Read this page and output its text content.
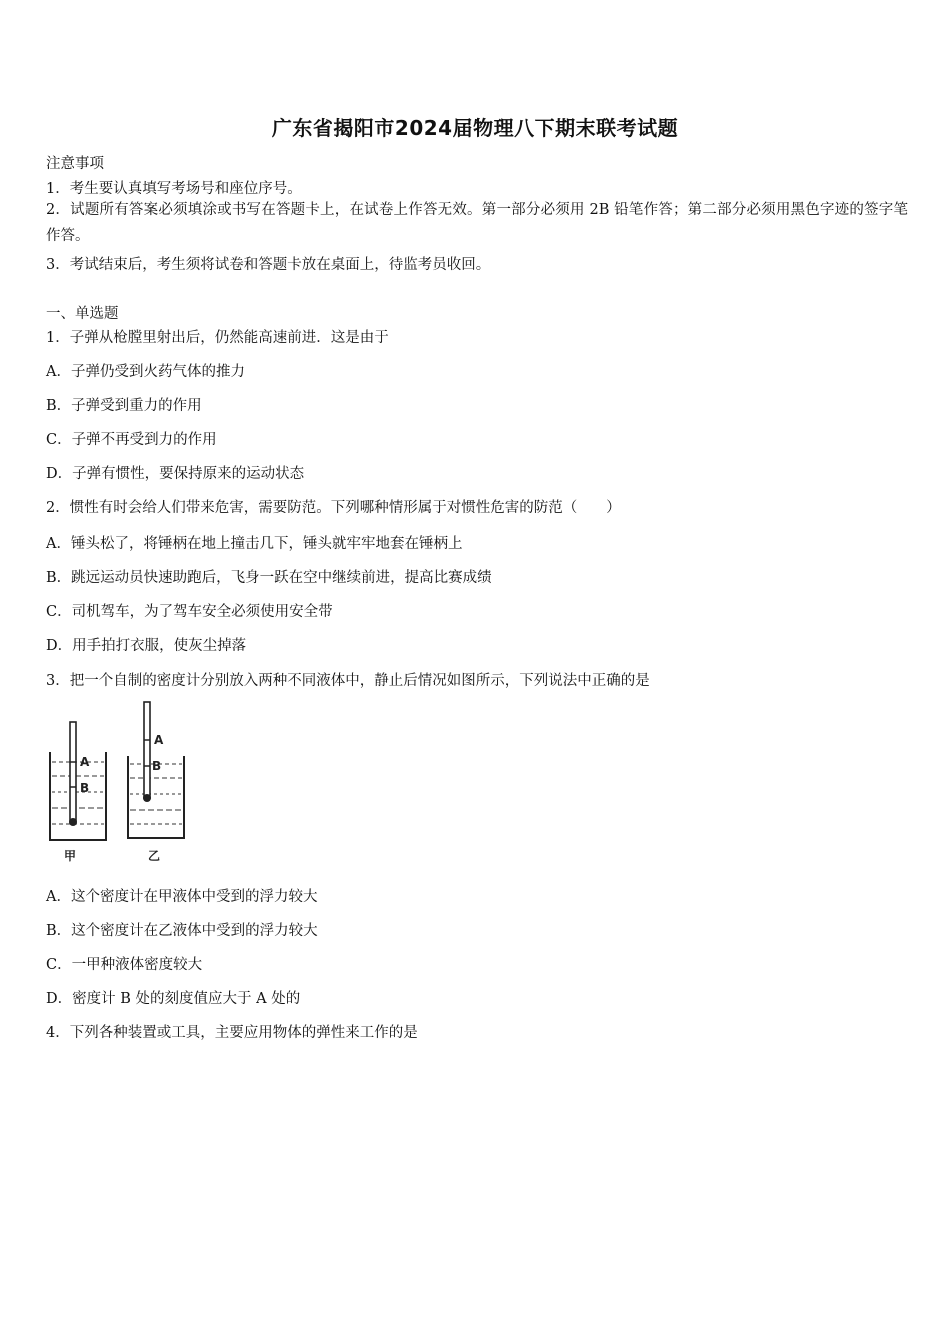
广东省揭阳市2024届物理八下期末联考试题
注意事项
1．考生要认真填写考场号和座位序号。
2．试题所有答案必须填涂或书写在答题卡上，在试卷上作答无效。第一部分必须用 2B 铅笔作答；第二部分必须用黑色字迹的签字笔作答。
3．考试结束后，考生须将试卷和答题卡放在桌面上，待监考员收回。
一、单选题
1．子弹从枪膛里射出后，仍然能高速前进．这是由于
A．子弹仍受到火药气体的推力
B．子弹受到重力的作用
C．子弹不再受到力的作用
D．子弹有惯性，要保持原来的运动状态
2．惯性有时会给人们带来危害，需要防范。下列哪种情形属于对惯性危害的防范（　　）
A．锤头松了，将锤柄在地上撞击几下，锤头就牢牢地套在锤柄上
B．跳远运动员快速助跑后，飞身一跃在空中继续前进，提高比赛成绩
C．司机驾车，为了驾车安全必须使用安全带
D．用手拍打衣服，使灰尘掉落
3．把一个自制的密度计分别放入两种不同液体中，静止后情况如图所示，下列说法中正确的是
A
B
甲
A
B
乙
A．这个密度计在甲液体中受到的浮力较大
B．这个密度计在乙液体中受到的浮力较大
C．一甲种液体密度较大
D．密度计 B 处的刻度值应大于 A 处的
4．下列各种装置或工具，主要应用物体的弹性来工作的是
